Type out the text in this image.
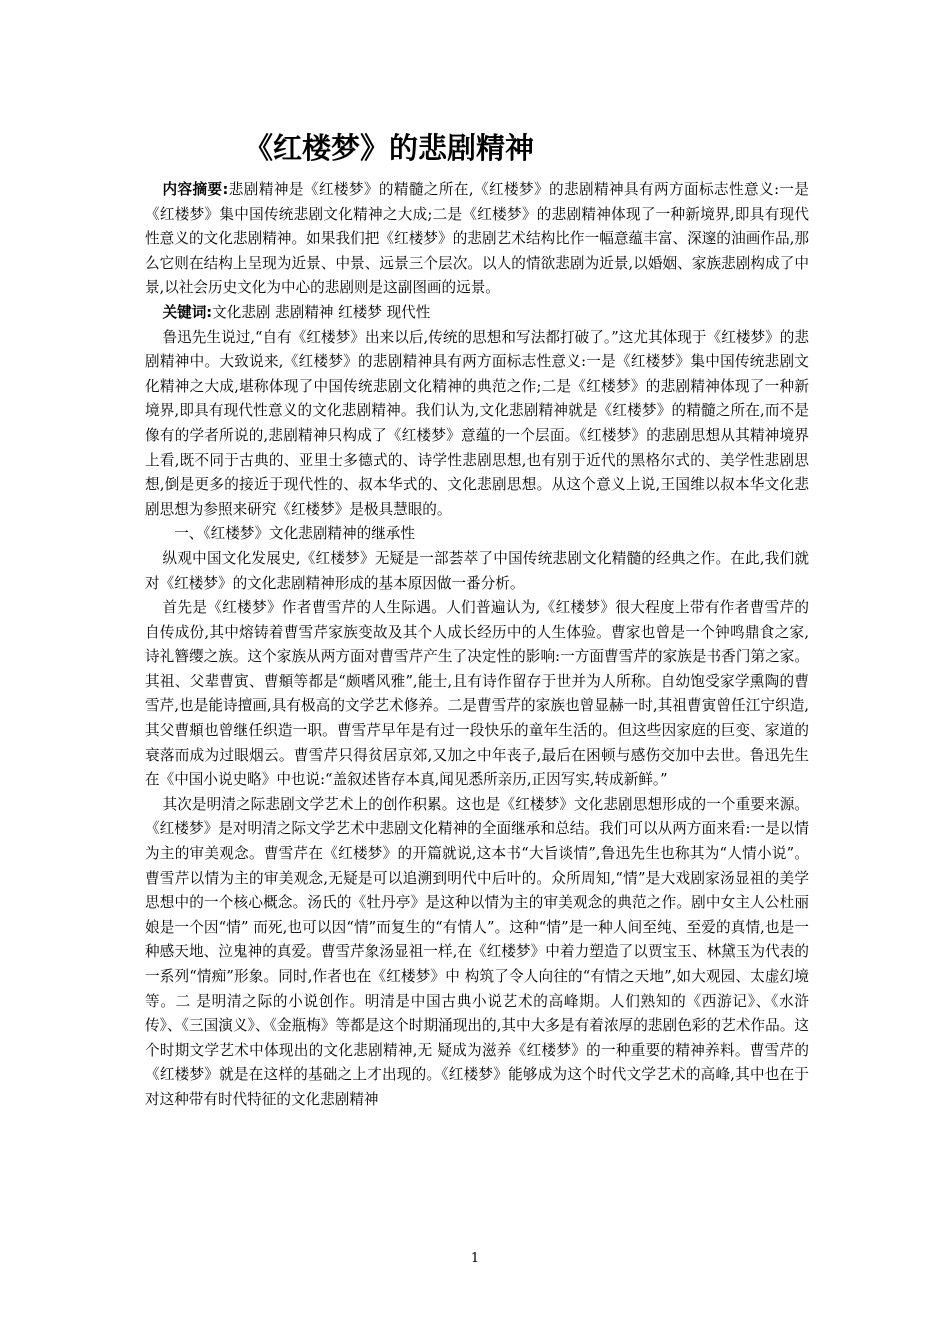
《红楼梦》的悲剧精神

内容摘要:悲剧精神是《红楼梦》的精髓之所在,《红楼梦》的悲剧精神具有两方面标志性意义:一是《红楼梦》集中国传统悲剧文化精神之大成;二是《红楼梦》的悲剧精神体现了一种新境界,即具有现代性意义的文化悲剧精神。如果我们把《红楼梦》的悲剧艺术结构比作一幅意蕴丰富、深邃的油画作品,那么它则在结构上呈现为近景、中景、远景三个层次。以人的情欲悲剧为近景,以婚姻、家族悲剧构成了中景,以社会历史文化为中心的悲剧则是这副图画的远景。

关键词:文化悲剧 悲剧精神 红楼梦 现代性

鲁迅先生说过,“自有《红楼梦》出来以后,传统的思想和写法都打破了。”这尤其体现于《红楼梦》的悲剧精神中。大致说来,《红楼梦》的悲剧精神具有两方面标志性意义:一是《红楼梦》集中国传统悲剧文化精神之大成,堪称体现了中国传统悲剧文化精神的典范之作;二是《红楼梦》的悲剧精神体现了一种新境界,即具有现代性意义的文化悲剧精神。我们认为,文化悲剧精神就是《红楼梦》的精髓之所在,而不是像有的学者所说的,悲剧精神只构成了《红楼梦》意蕴的一个层面。《红楼梦》的悲剧思想从其精神境界上看,既不同于古典的、亚里士多德式的、诗学性悲剧思想,也有别于近代的黑格尔式的、美学性悲剧思想,倒是更多的接近于现代性的、叔本华式的、文化悲剧思想。从这个意义上说,王国维以叔本华文化悲剧思想为参照来研究《红楼梦》是极具慧眼的。

一、《红楼梦》文化悲剧精神的继承性

纵观中国文化发展史,《红楼梦》无疑是一部荟萃了中国传统悲剧文化精髓的经典之作。在此,我们就对《红楼梦》的文化悲剧精神形成的基本原因做一番分析。

首先是《红楼梦》作者曹雪芹的人生际遇。人们普遍认为,《红楼梦》很大程度上带有作者曹雪芹的自传成份,其中熔铸着曹雪芹家族变故及其个人成长经历中的人生体验。曹家也曾是一个钟鸣鼎食之家,诗礼簪缨之族。这个家族从两方面对曹雪芹产生了决定性的影响:一方面曹雪芹的家族是书香门第之家。其祖、父辈曹寅、曹頫等都是“颇嗜风雅”,能士,且有诗作留存于世并为人所称。自幼饱受家学熏陶的曹雪芹,也是能诗擅画,具有极高的文学艺术修养。二是曹雪芹的家族也曾显赫一时,其祖曹寅曾任江宁织造,其父曹頫也曾继任织造一职。曹雪芹早年是有过一段快乐的童年生活的。但这些因家庭的巨变、家道的衰落而成为过眼烟云。曹雪芹只得贫居京郊,又加之中年丧子,最后在困顿与感伤交加中去世。鲁迅先生在《中国小说史略》中也说:“盖叙述皆存本真,闻见悉所亲历,正因写实,转成新鲜。”

其次是明清之际悲剧文学艺术上的创作积累。这也是《红楼梦》文化悲剧思想形成的一个重要来源。《红楼梦》是对明清之际文学艺术中悲剧文化精神的全面继承和总结。我们可以从两方面来看:一是以情为主的审美观念。曹雪芹在《红楼梦》的开篇就说,这本书“大旨谈情”,鲁迅先生也称其为“人情小说”。曹雪芹以情为主的审美观念,无疑是可以追溯到明代中后叶的。众所周知,“情”是大戏剧家汤显祖的美学思想中的一个核心概念。汤氏的《牡丹亭》是这种以情为主的审美观念的典范之作。剧中女主人公杜丽娘是一个因“情” 而死,也可以因“情”而复生的“有情人”。这种“情”是一种人间至纯、至爱的真情,也是一种感天地、泣鬼神的真爱。曹雪芹象汤显祖一样,在《红楼梦》中着力塑造了以贾宝玉、林黛玉为代表的一系列“情痴”形象。同时,作者也在《红楼梦》中 构筑了令人向往的“有情之天地”,如大观园、太虚幻境等。二 是明清之际的小说创作。明清是中国古典小说艺术的高峰期。人们熟知的《西游记》、《水浒传》、《三国演义》、《金瓶梅》等都是这个时期涌现出的,其中大多是有着浓厚的悲剧色彩的艺术作品。这个时期文学艺术中体现出的文化悲剧精神,无 疑成为滋养《红楼梦》的一种重要的精神养料。曹雪芹的《红楼梦》就是在这样的基础之上才出现的。《红楼梦》能够成为这个时代文学艺术的高峰,其中也在于对这种带有时代特征的文化悲剧精神

1
